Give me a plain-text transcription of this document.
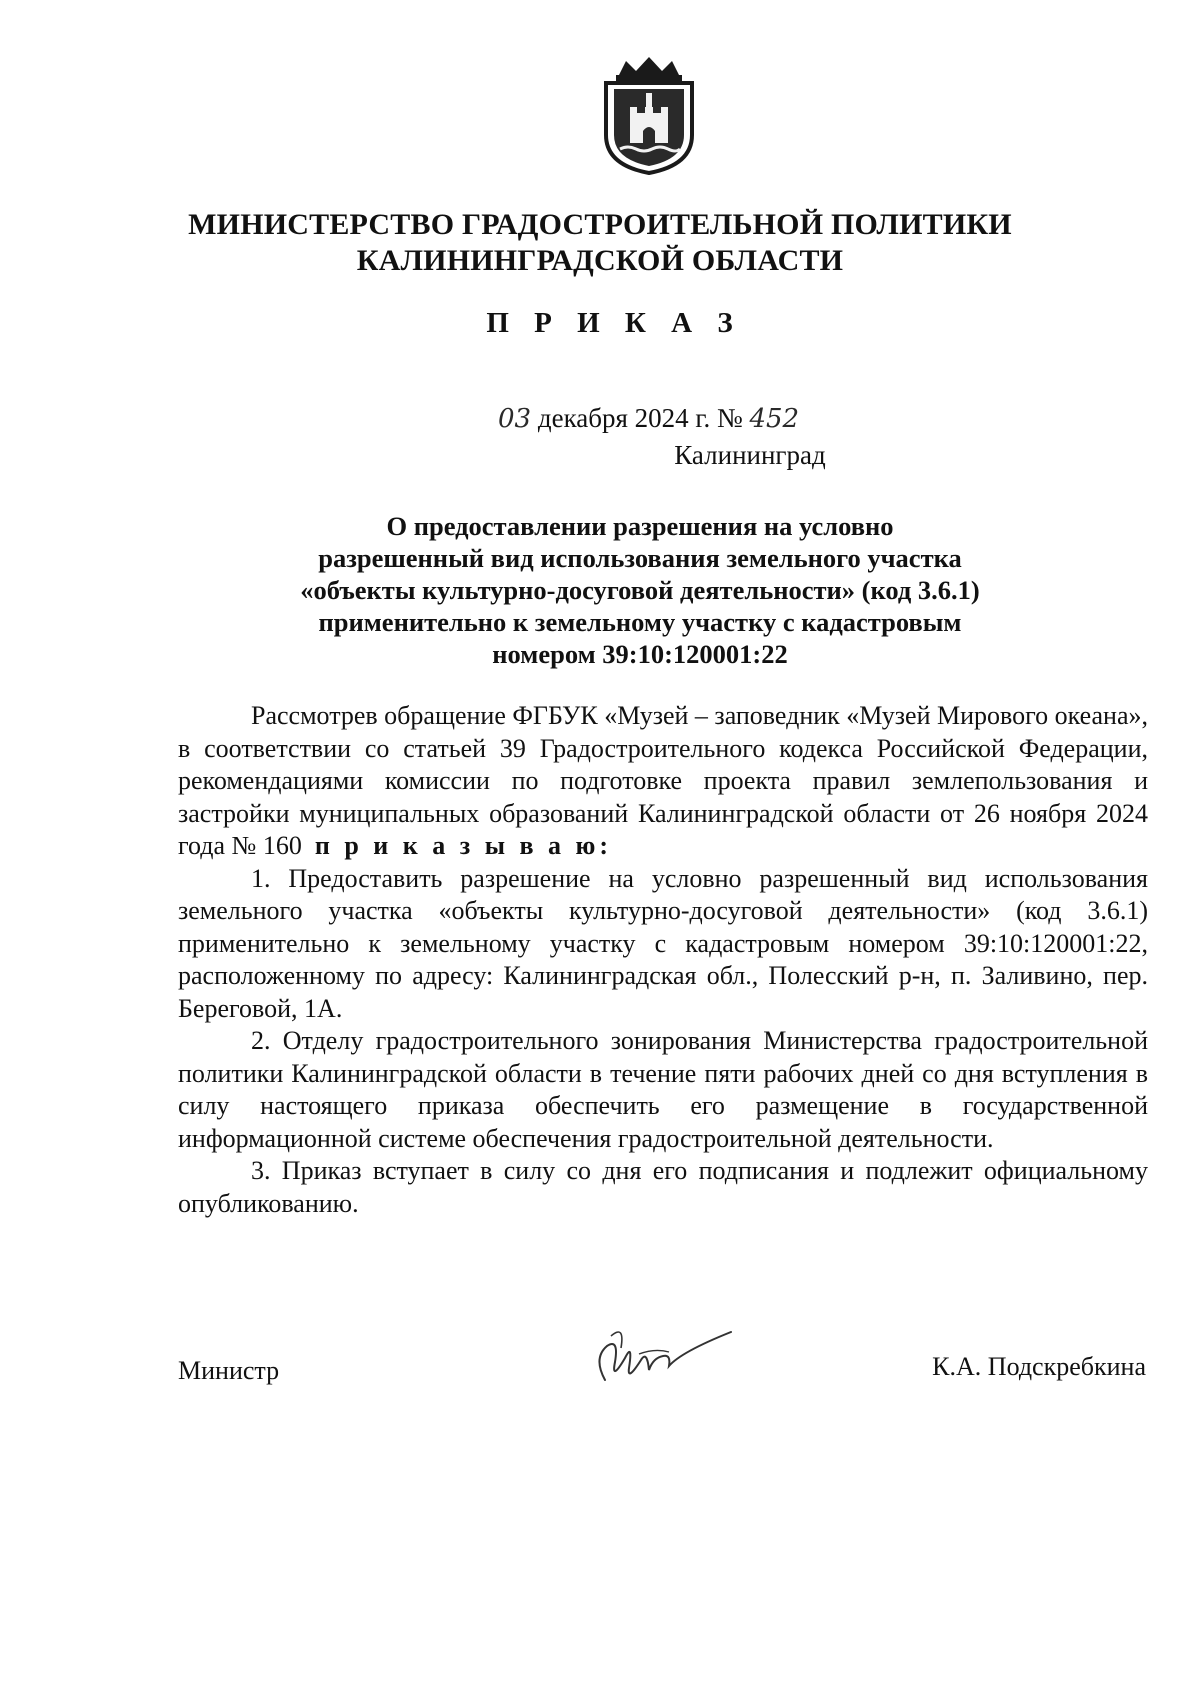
МИНИСТЕРСТВО ГРАДОСТРОИТЕЛЬНОЙ ПОЛИТИКИ
КАЛИНИНГРАДСКОЙ ОБЛАСТИ
П Р И К А З
03 декабря 2024 г. № 452
Калининград
О предоставлении разрешения на условно
разрешенный вид использования земельного участка
«объекты культурно-досуговой деятельности» (код 3.6.1)
применительно к земельному участку с кадастровым
номером 39:10:120001:22

Рассмотрев обращение ФГБУК «Музей – заповедник «Музей Мирового океана», в соответствии со статьей 39 Градостроительного кодекса Российской Федерации, рекомендациями комиссии по подготовке проекта правил землепользования и застройки муниципальных образований Калининградской области от 26 ноября 2024 года № 160 п р и к а з ы в а ю:

1. Предоставить разрешение на условно разрешенный вид использования земельного участка «объекты культурно-досуговой деятельности» (код 3.6.1) применительно к земельному участку с кадастровым номером 39:10:120001:22, расположенному по адресу: Калининградская обл., Полесский р-н, п. Заливино, пер. Береговой, 1А.

2. Отделу градостроительного зонирования Министерства градостроительной политики Калининградской области в течение пяти рабочих дней со дня вступления в силу настоящего приказа обеспечить его размещение в государственной информационной системе обеспечения градостроительной деятельности.

3. Приказ вступает в силу со дня его подписания и подлежит официальному опубликованию.

Министр	К.А. Подскребкина
